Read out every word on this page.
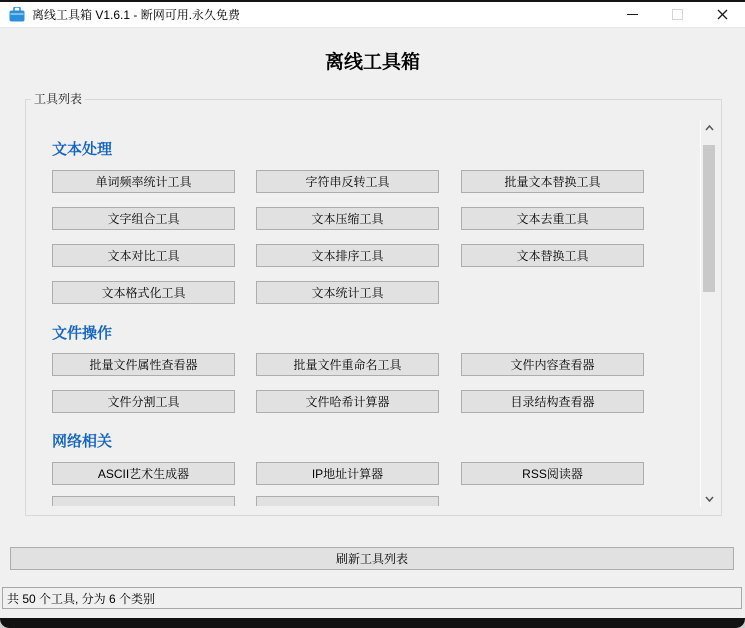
离线工具箱 V1.6.1 - 断网可用.永久免费
离线工具箱
工具列表
文本处理
单词频率统计工具	字符串反转工具	批量文本替换工具
文字组合工具	文本压缩工具	文本去重工具
文本对比工具	文本排序工具	文本替换工具
文本格式化工具	文本统计工具
文件操作
批量文件属性查看器	批量文件重命名工具	文件内容查看器
文件分割工具	文件哈希计算器	目录结构查看器
网络相关
ASCII艺术生成器	IP地址计算器	RSS阅读器
刷新工具列表
共 50 个工具, 分为 6 个类别
